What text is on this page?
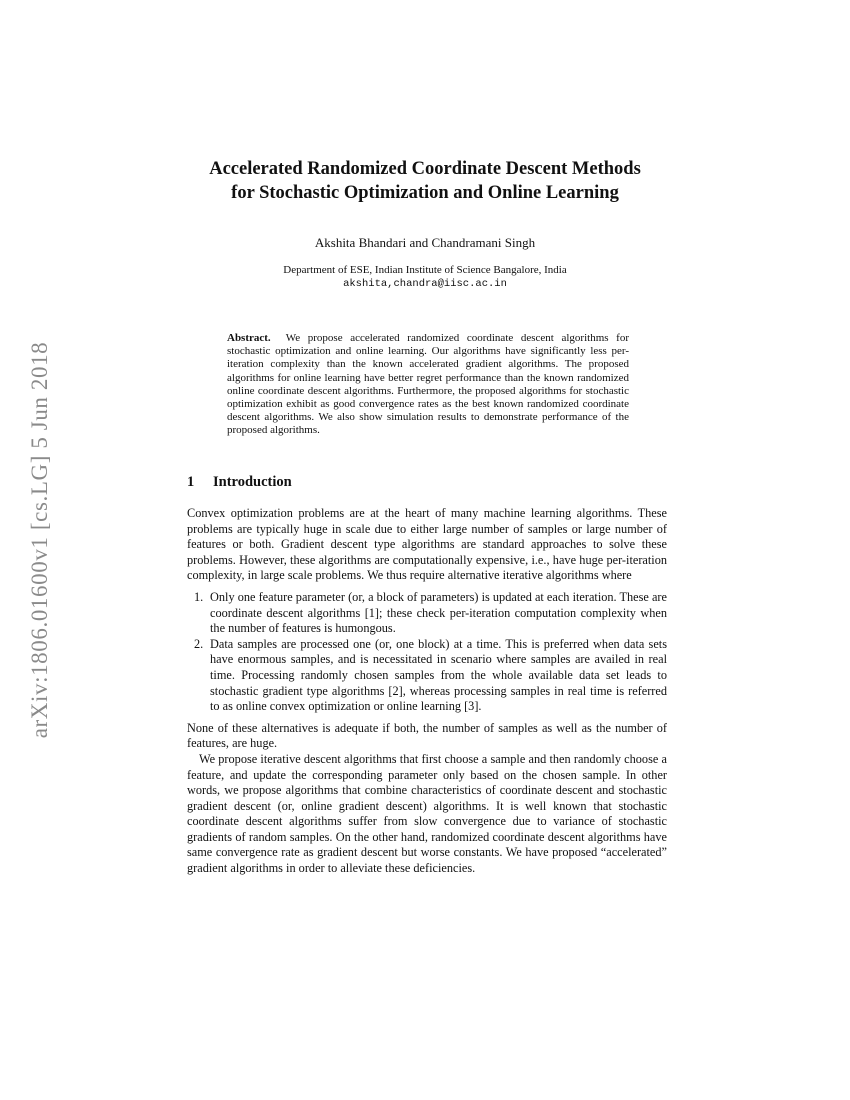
arXiv:1806.01600v1 [cs.LG] 5 Jun 2018
Accelerated Randomized Coordinate Descent Methods
for Stochastic Optimization and Online Learning
Akshita Bhandari and Chandramani Singh
Department of ESE, Indian Institute of Science Bangalore, India
akshita,chandra@iisc.ac.in
Abstract. We propose accelerated randomized coordinate descent algorithms for stochastic optimization and online learning. Our algorithms have significantly less per-iteration complexity than the known accelerated gradient algorithms. The proposed algorithms for online learning have better regret performance than the known randomized online coordinate descent algorithms. Furthermore, the proposed algorithms for stochastic optimization exhibit as good convergence rates as the best known randomized coordinate descent algorithms. We also show simulation results to demonstrate performance of the proposed algorithms.
1 Introduction

Convex optimization problems are at the heart of many machine learning algorithms. These problems are typically huge in scale due to either large number of samples or large number of features or both. Gradient descent type algorithms are standard approaches to solve these problems. However, these algorithms are computationally expensive, i.e., have huge per-iteration complexity, in large scale problems. We thus require alternative iterative algorithms where

1. Only one feature parameter (or, a block of parameters) is updated at each iteration. These are coordinate descent algorithms [1]; these check per-iteration computation complexity when the number of features is humongous.
2. Data samples are processed one (or, one block) at a time. This is preferred when data sets have enormous samples, and is necessitated in scenario where samples are availed in real time. Processing randomly chosen samples from the whole available data set leads to stochastic gradient type algorithms [2], whereas processing samples in real time is referred to as online convex optimization or online learning [3].

None of these alternatives is adequate if both, the number of samples as well as the number of features, are huge.

We propose iterative descent algorithms that first choose a sample and then randomly choose a feature, and update the corresponding parameter only based on the chosen sample. In other words, we propose algorithms that combine characteristics of coordinate descent and stochastic gradient descent (or, online gradient descent) algorithms. It is well known that stochastic coordinate descent algorithms suffer from slow convergence due to variance of stochastic gradients of random samples. On the other hand, randomized coordinate descent algorithms have same convergence rate as gradient descent but worse constants. We have proposed “accelerated” gradient algorithms in order to alleviate these deficiencies.
